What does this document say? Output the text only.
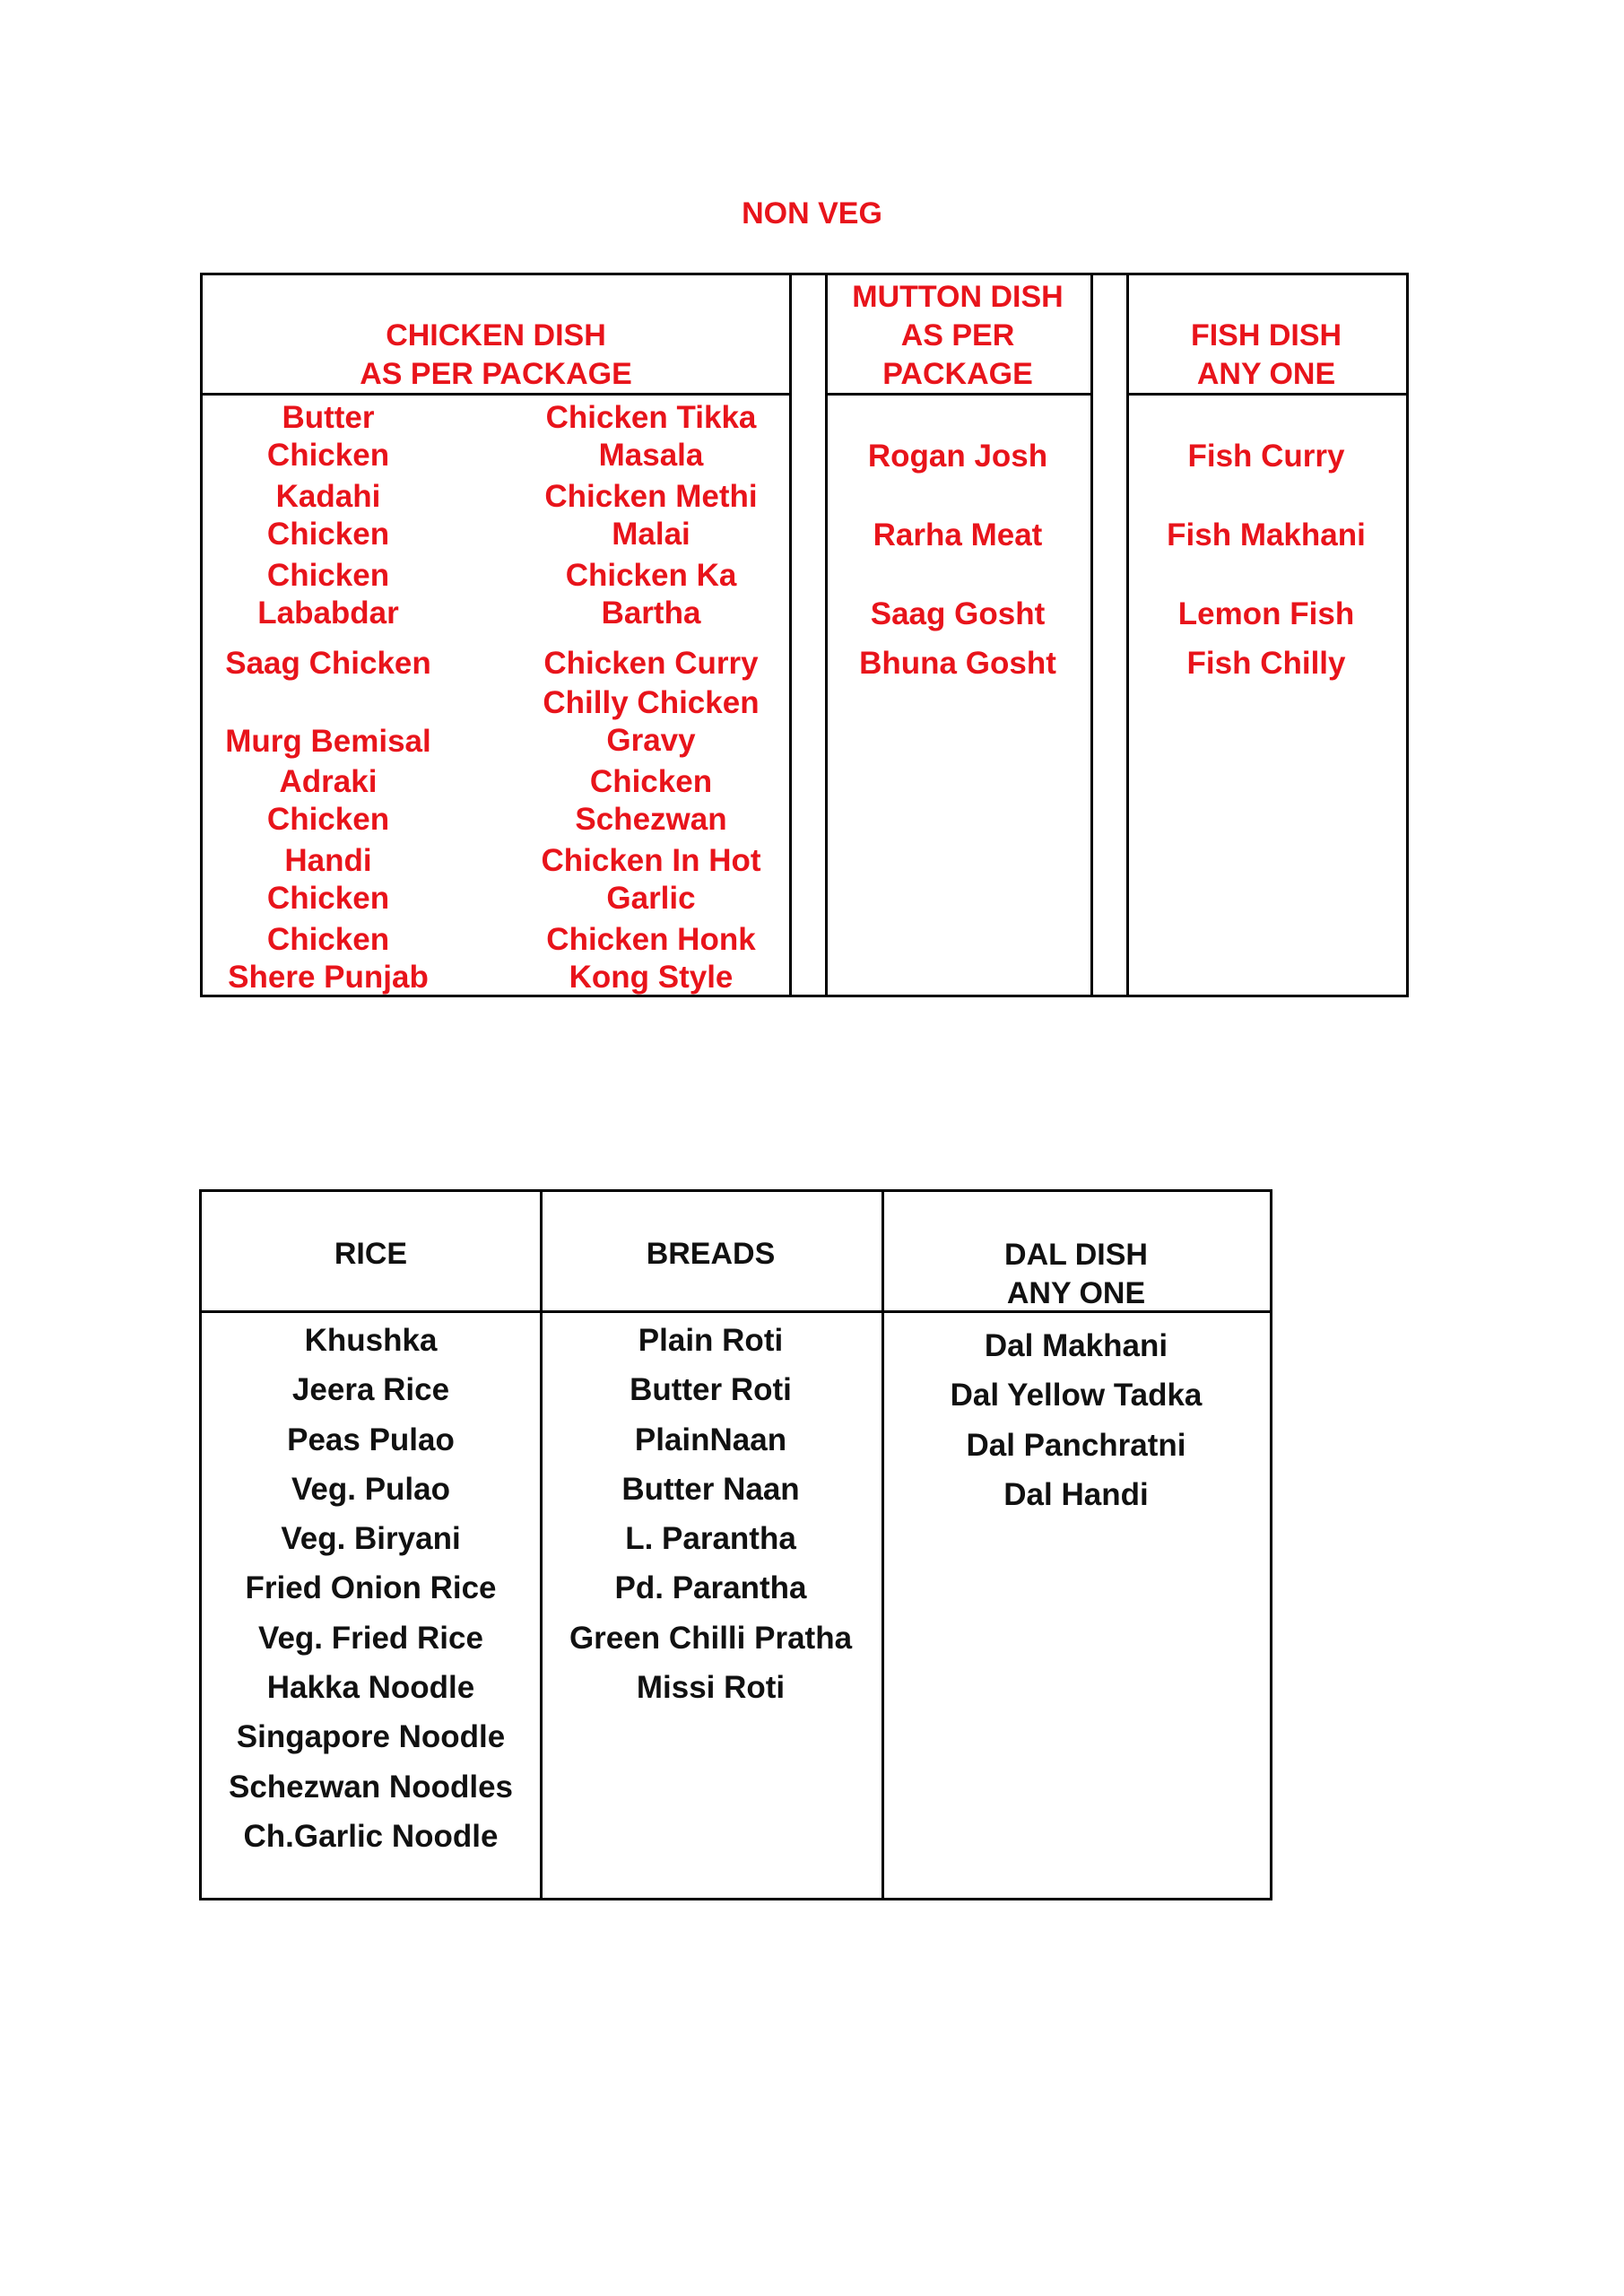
NON VEG
CHICKEN DISH
AS PER PACKAGE
MUTTON DISH
AS PER
PACKAGE
FISH DISH
ANY ONE
Butter
Chicken
Kadahi
Chicken
Chicken
Lababdar
Saag Chicken
Murg Bemisal
Adraki
Chicken
Handi
Chicken
Chicken
Shere Punjab
Chicken Tikka
Masala
Chicken Methi
Malai
Chicken Ka
Bartha
Chicken Curry
Chilly Chicken
Gravy
Chicken
Schezwan
Chicken In Hot
Garlic
Chicken Honk
Kong Style
Rogan Josh
Rarha Meat
Saag Gosht
Bhuna Gosht
Fish Curry
Fish Makhani
Lemon Fish
Fish Chilly
RICE	BREADS	DAL DISH
ANY ONE
Khushka
Jeera Rice
Peas Pulao
Veg. Pulao
Veg. Biryani
Fried Onion Rice
Veg. Fried Rice
Hakka Noodle
Singapore Noodle
Schezwan Noodles
Ch.Garlic Noodle
Plain Roti
Butter Roti
PlainNaan
Butter Naan
L. Parantha
Pd. Parantha
Green Chilli Pratha
Missi Roti
Dal Makhani
Dal Yellow Tadka
Dal Panchratni
Dal Handi
